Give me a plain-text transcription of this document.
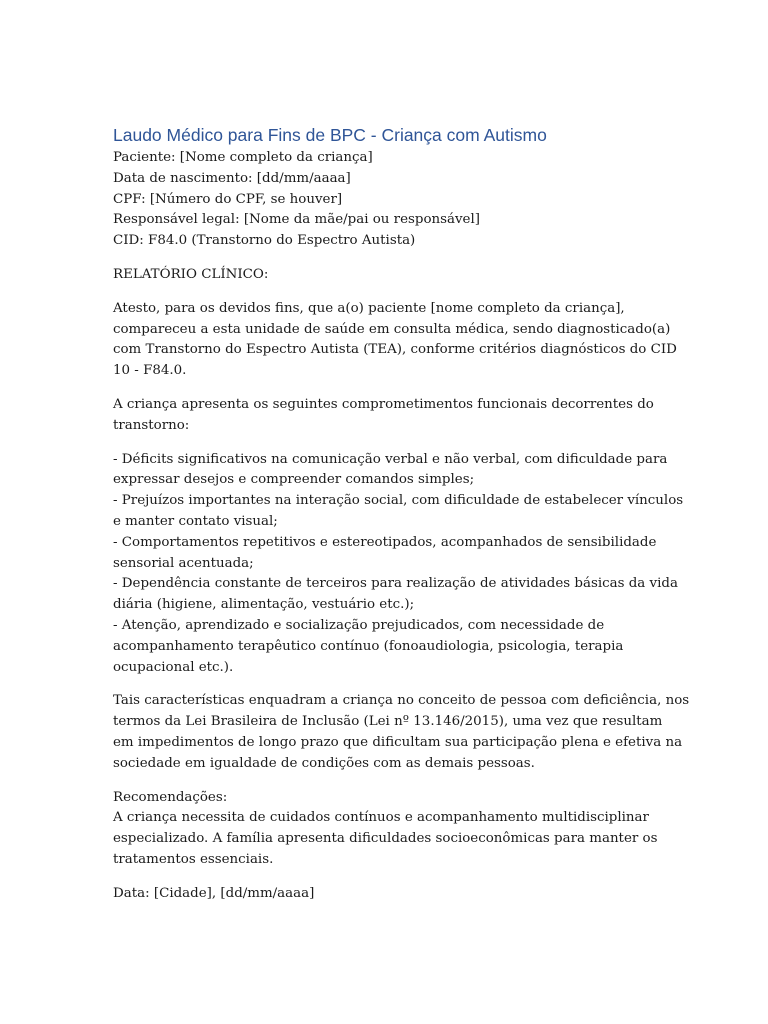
Laudo Médico para Fins de BPC - Criança com Autismo
Paciente: [Nome completo da criança]
Data de nascimento: [dd/mm/aaaa]
CPF: [Número do CPF, se houver]
Responsável legal: [Nome da mãe/pai ou responsável]
CID: F84.0 (Transtorno do Espectro Autista)
RELATÓRIO CLÍNICO:
Atesto, para os devidos fins, que a(o) paciente [nome completo da criança],
compareceu a esta unidade de saúde em consulta médica, sendo diagnosticado(a)
com Transtorno do Espectro Autista (TEA), conforme critérios diagnósticos do CID
10 - F84.0.
A criança apresenta os seguintes comprometimentos funcionais decorrentes do
transtorno:
- Déficits significativos na comunicação verbal e não verbal, com dificuldade para
expressar desejos e compreender comandos simples;
- Prejuízos importantes na interação social, com dificuldade de estabelecer vínculos
e manter contato visual;
- Comportamentos repetitivos e estereotipados, acompanhados de sensibilidade
sensorial acentuada;
- Dependência constante de terceiros para realização de atividades básicas da vida
diária (higiene, alimentação, vestuário etc.);
- Atenção, aprendizado e socialização prejudicados, com necessidade de
acompanhamento terapêutico contínuo (fonoaudiologia, psicologia, terapia
ocupacional etc.).
Tais características enquadram a criança no conceito de pessoa com deficiência, nos
termos da Lei Brasileira de Inclusão (Lei nº 13.146/2015), uma vez que resultam
em impedimentos de longo prazo que dificultam sua participação plena e efetiva na
sociedade em igualdade de condições com as demais pessoas.
Recomendações:
A criança necessita de cuidados contínuos e acompanhamento multidisciplinar
especializado. A família apresenta dificuldades socioeconômicas para manter os
tratamentos essenciais.
Data: [Cidade], [dd/mm/aaaa]
